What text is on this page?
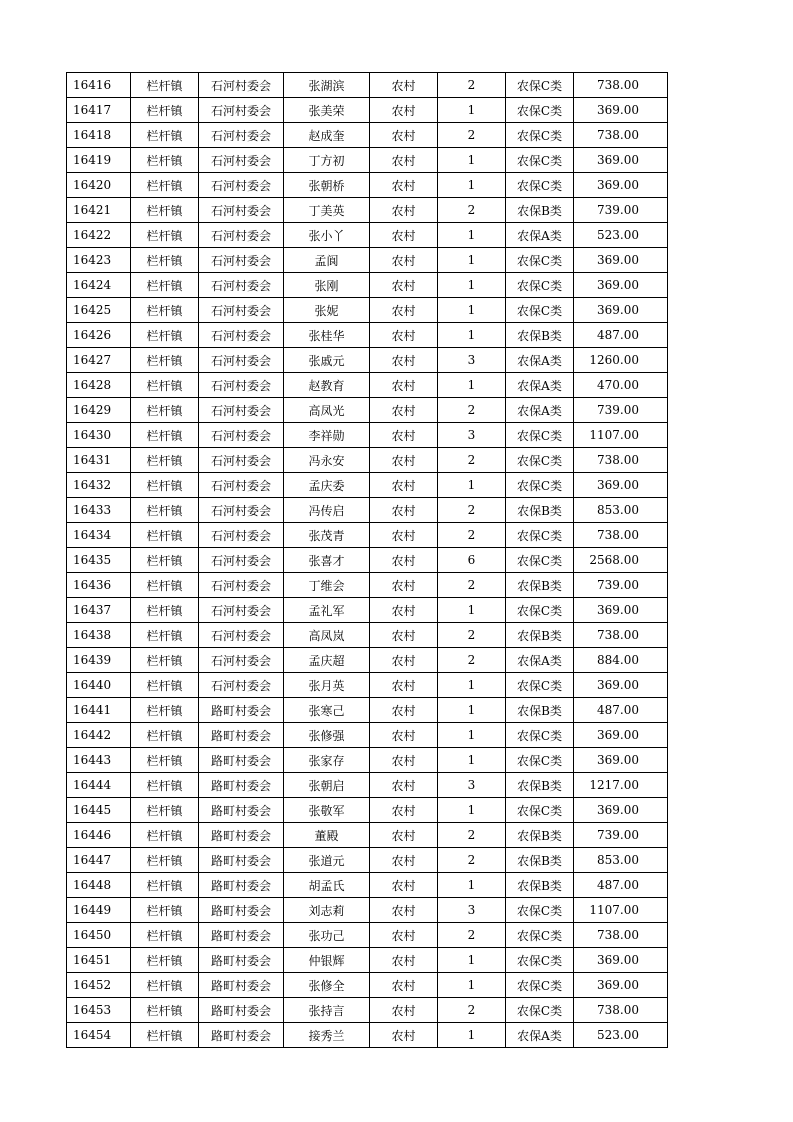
16416	栏杆镇	石河村委会	张湖滨	农村	2	农保C类	738.00
16417	栏杆镇	石河村委会	张美荣	农村	1	农保C类	369.00
16418	栏杆镇	石河村委会	赵成奎	农村	2	农保C类	738.00
16419	栏杆镇	石河村委会	丁方初	农村	1	农保C类	369.00
16420	栏杆镇	石河村委会	张朝桥	农村	1	农保C类	369.00
16421	栏杆镇	石河村委会	丁美英	农村	2	农保B类	739.00
16422	栏杆镇	石河村委会	张小丫	农村	1	农保A类	523.00
16423	栏杆镇	石河村委会	孟阆	农村	1	农保C类	369.00
16424	栏杆镇	石河村委会	张刚	农村	1	农保C类	369.00
16425	栏杆镇	石河村委会	张妮	农村	1	农保C类	369.00
16426	栏杆镇	石河村委会	张桂华	农村	1	农保B类	487.00
16427	栏杆镇	石河村委会	张戚元	农村	3	农保A类	1260.00
16428	栏杆镇	石河村委会	赵教育	农村	1	农保A类	470.00
16429	栏杆镇	石河村委会	高凤光	农村	2	农保A类	739.00
16430	栏杆镇	石河村委会	李祥勋	农村	3	农保C类	1107.00
16431	栏杆镇	石河村委会	冯永安	农村	2	农保C类	738.00
16432	栏杆镇	石河村委会	孟庆委	农村	1	农保C类	369.00
16433	栏杆镇	石河村委会	冯传启	农村	2	农保B类	853.00
16434	栏杆镇	石河村委会	张茂青	农村	2	农保C类	738.00
16435	栏杆镇	石河村委会	张喜才	农村	6	农保C类	2568.00
16436	栏杆镇	石河村委会	丁维会	农村	2	农保B类	739.00
16437	栏杆镇	石河村委会	孟礼军	农村	1	农保C类	369.00
16438	栏杆镇	石河村委会	高凤岚	农村	2	农保B类	738.00
16439	栏杆镇	石河村委会	孟庆超	农村	2	农保A类	884.00
16440	栏杆镇	石河村委会	张月英	农村	1	农保C类	369.00
16441	栏杆镇	路町村委会	张寒己	农村	1	农保B类	487.00
16442	栏杆镇	路町村委会	张修强	农村	1	农保C类	369.00
16443	栏杆镇	路町村委会	张家存	农村	1	农保C类	369.00
16444	栏杆镇	路町村委会	张朝启	农村	3	农保B类	1217.00
16445	栏杆镇	路町村委会	张敬军	农村	1	农保C类	369.00
16446	栏杆镇	路町村委会	董殿	农村	2	农保B类	739.00
16447	栏杆镇	路町村委会	张道元	农村	2	农保B类	853.00
16448	栏杆镇	路町村委会	胡孟氏	农村	1	农保B类	487.00
16449	栏杆镇	路町村委会	刘志莉	农村	3	农保C类	1107.00
16450	栏杆镇	路町村委会	张功己	农村	2	农保C类	738.00
16451	栏杆镇	路町村委会	仲银辉	农村	1	农保C类	369.00
16452	栏杆镇	路町村委会	张修全	农村	1	农保C类	369.00
16453	栏杆镇	路町村委会	张持言	农村	2	农保C类	738.00
16454	栏杆镇	路町村委会	接秀兰	农村	1	农保A类	523.00
